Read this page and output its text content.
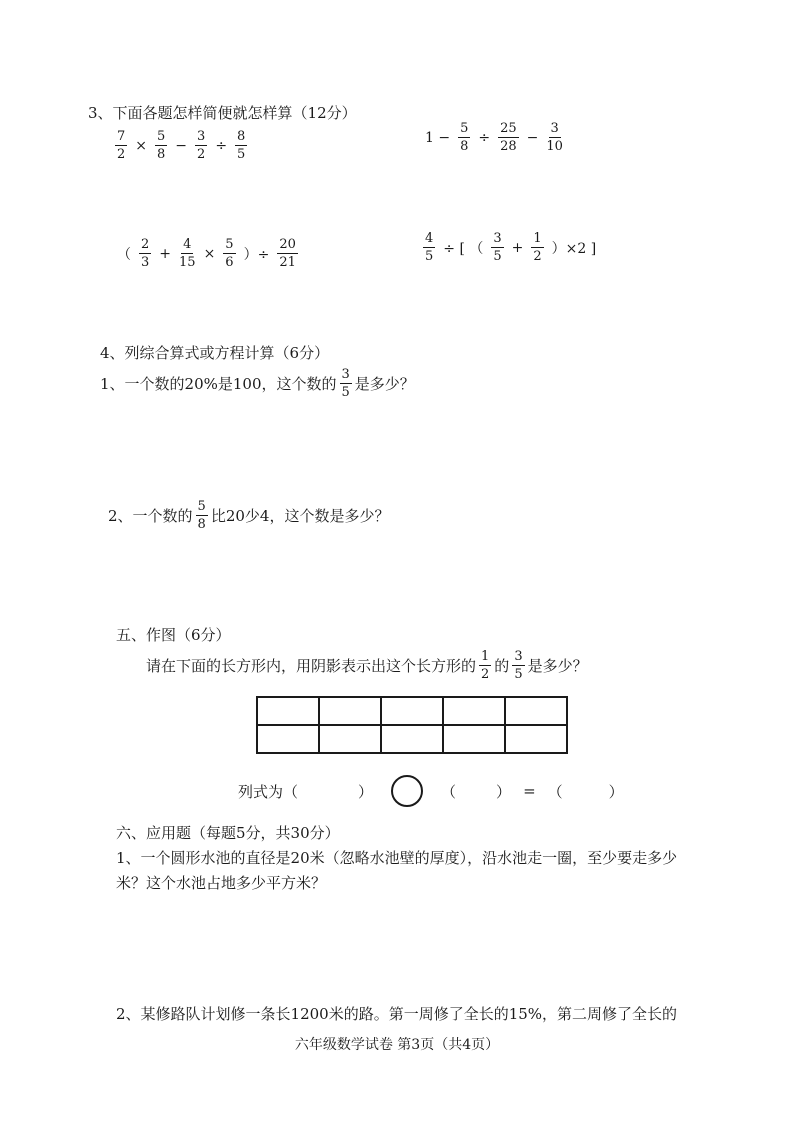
3、下面各题怎样简便就怎样算（12分）
$\frac{7}{2} \times \frac{5}{8} - \frac{3}{2} \div \frac{8}{5}$	$1 - \frac{5}{8} \div \frac{25}{28} - \frac{3}{10}$
（ $\frac{2}{3} + \frac{4}{15} \times \frac{5}{6}$ ）÷ $\frac{20}{21}$	$\frac{4}{5}$ ÷ [ （ $\frac{3}{5} + \frac{1}{2} )\times 2$ ]
4、列综合算式或方程计算（6分）
1、一个数的20%是100，这个数的 $\frac{3}{5}$ 是多少？
2、一个数的 $\frac{5}{8}$ 比20少4，这个数是多少？
五、作图（6分）
请在下面的长方形内，用阴影表示出这个长方形的 $\frac{1}{2}$ 的 $\frac{3}{5}$ 是多少？

列式为（	）	（	） = （	）
六、应用题（每题5分，共30分）
1、一个圆形水池的直径是20米（忽略水池壁的厚度），沿水池走一圈，至少要走多少
米？这个水池占地多少平方米？
2、某修路队计划修一条长1200米的路。第一周修了全长的15%，第二周修了全长的
六年级数学试卷 第3页（共4页）
